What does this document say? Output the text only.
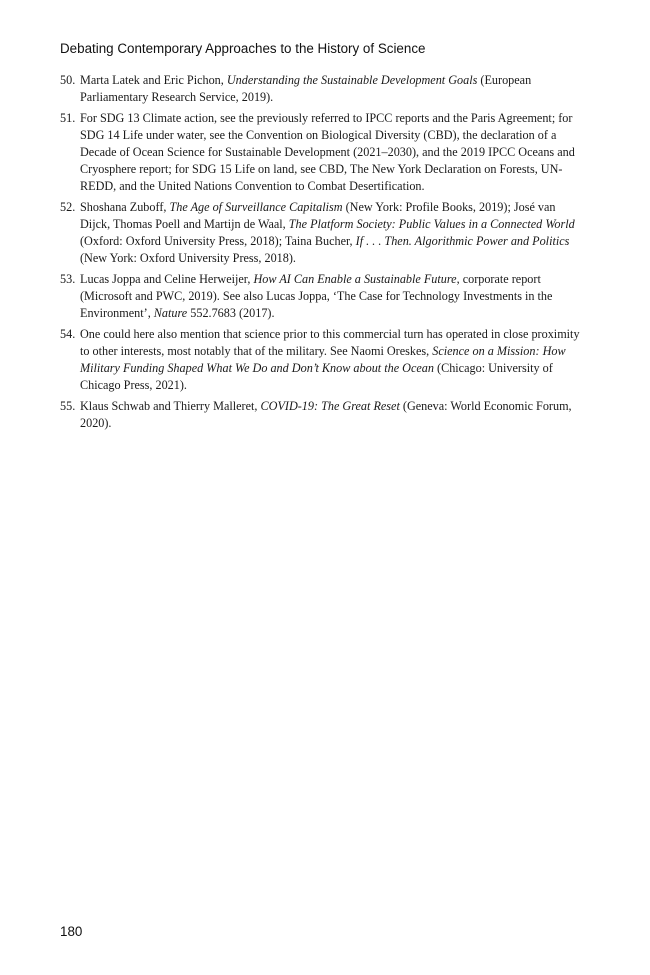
Debating Contemporary Approaches to the History of Science
50. Marta Latek and Eric Pichon, Understanding the Sustainable Development Goals (European Parliamentary Research Service, 2019).
51. For SDG 13 Climate action, see the previously referred to IPCC reports and the Paris Agreement; for SDG 14 Life under water, see the Convention on Biological Diversity (CBD), the declaration of a Decade of Ocean Science for Sustainable Development (2021–2030), and the 2019 IPCC Oceans and Cryosphere report; for SDG 15 Life on land, see CBD, The New York Declaration on Forests, UN-REDD, and the United Nations Convention to Combat Desertification.
52. Shoshana Zuboff, The Age of Surveillance Capitalism (New York: Profile Books, 2019); José van Dijck, Thomas Poell and Martijn de Waal, The Platform Society: Public Values in a Connected World (Oxford: Oxford University Press, 2018); Taina Bucher, If . . . Then. Algorithmic Power and Politics (New York: Oxford University Press, 2018).
53. Lucas Joppa and Celine Herweijer, How AI Can Enable a Sustainable Future, corporate report (Microsoft and PWC, 2019). See also Lucas Joppa, ‘The Case for Technology Investments in the Environment’, Nature 552.7683 (2017).
54. One could here also mention that science prior to this commercial turn has operated in close proximity to other interests, most notably that of the military. See Naomi Oreskes, Science on a Mission: How Military Funding Shaped What We Do and Don’t Know about the Ocean (Chicago: University of Chicago Press, 2021).
55. Klaus Schwab and Thierry Malleret, COVID-19: The Great Reset (Geneva: World Economic Forum, 2020).
180
